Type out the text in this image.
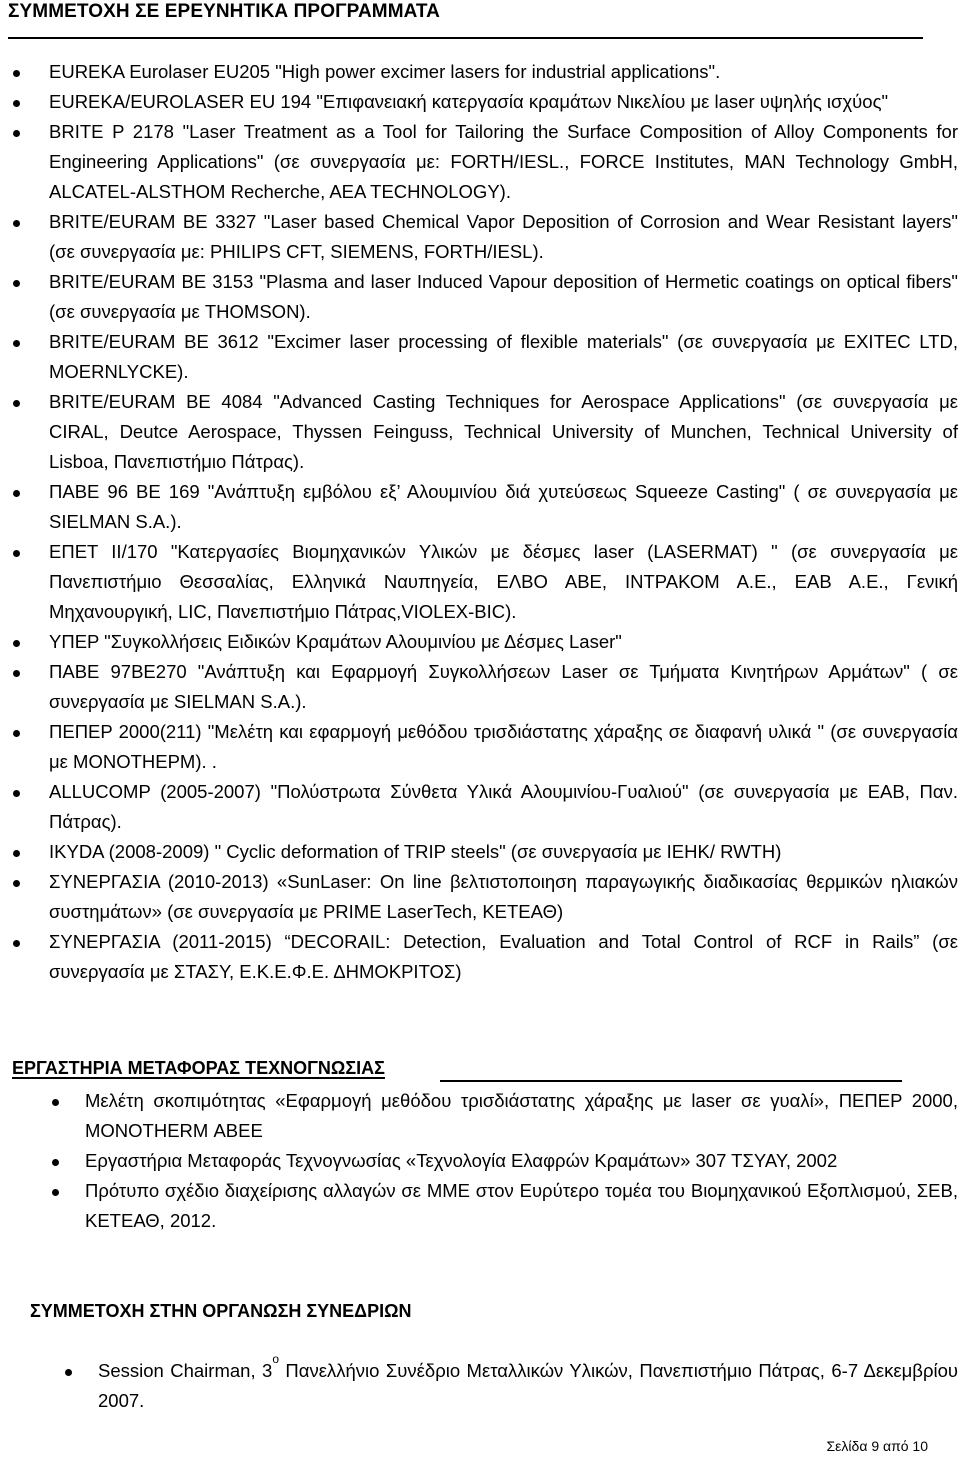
ΣΥΜΜΕΤΟΧΗ ΣΕ ΕΡΕΥΝΗΤΙΚΑ ΠΡΟΓΡΑΜΜΑΤΑ
EUREKA Eurolaser EU205 "High power excimer lasers for industrial applications".
EUREKA/EUROLASER EU 194 "Επιφανειακή κατεργασία κραμάτων Νικελίου με laser υψηλής ισχύος"
BRITE P 2178 "Laser Treatment as a Tool for Tailoring the Surface Composition of Alloy Components for Engineering Applications" (σε συνεργασία με: FORTH/IESL., FORCE Institutes, MAN Technology GmbH, ALCATEL-ALSTHOM Recherche, AEA TECHNOLOGY).
BRITE/EURAM BE 3327 "Laser based Chemical Vapor Deposition of Corrosion and Wear Resistant layers" (σε συνεργασία με: PHILIPS CFT, SIEMENS, FORTH/IESL).
BRITE/EURAM BE 3153 "Plasma and laser Induced Vapour deposition of Hermetic coatings on optical fibers" (σε συνεργασία με THOMSON).
BRITE/EURAM BE 3612 "Excimer laser processing of flexible materials" (σε συνεργασία με EXITEC LTD, MOERNLYCKE).
BRITE/EURAM BE 4084 "Advanced Casting Techniques for Aerospace Applications" (σε συνεργασία με CIRAL, Deutce Aerospace, Thyssen Feinguss, Technical University of Munchen, Technical University of Lisboa, Πανεπιστήμιο Πάτρας).
ΠΑΒΕ 96 ΒΕ 169 "Ανάπτυξη εμβόλου εξ’ Αλουμινίου διά χυτεύσεως Squeeze Casting" ( σε συνεργασία με SIELMAN S.A.).
ΕΠΕΤ ΙΙ/170 "Κατεργασίες Βιομηχανικών Υλικών με δέσμες laser (LASERMAT) " (σε συνεργασία με Πανεπιστήμιο Θεσσαλίας, Ελληνικά Ναυπηγεία, ΕΛΒΟ ΑΒΕ, ΙΝΤΡΑΚΟΜ Α.Ε., ΕΑΒ Α.Ε., Γενική Μηχανουργική, LIC, Πανεπιστήμιο Πάτρας,VIOLEX-BIC).
ΥΠΕΡ "Συγκολλήσεις Ειδικών Κραμάτων Αλουμινίου με Δέσμες Laser"
ΠΑΒΕ 97ΒΕ270 "Ανάπτυξη και Εφαρμογή Συγκολλήσεων Laser σε Τμήματα Κινητήρων Αρμάτων" ( σε συνεργασία με SIELMAN S.A.).
ΠΕΠΕΡ 2000(211) "Μελέτη και εφαρμογή μεθόδου τρισδιάστατης χάραξης σε διαφανή υλικά " (σε συνεργασία με ΜΟΝΟΤΗΕΡΜ). .
ALLUCOMP (2005-2007) "Πολύστρωτα Σύνθετα Υλικά Αλουμινίου-Γυαλιού" (σε συνεργασία με ΕΑΒ, Παν. Πάτρας).
IKYDA (2008-2009) " Cyclic deformation of TRIP steels" (σε συνεργασία με IEHK/ RWTH)
ΣΥΝΕΡΓΑΣΙΑ (2010-2013) «SunLaser: On line βελτιστοποιηση παραγωγικής διαδικασίας θερμικών ηλιακών συστημάτων» (σε συνεργασία με PRIME LaserTech, ΚΕΤΕΑΘ)
ΣΥΝΕΡΓΑΣΙΑ (2011-2015) “DECORAIL: Detection, Evaluation and Total Control of RCF in Rails” (σε συνεργασία με ΣΤΑΣΥ, Ε.Κ.Ε.Φ.Ε. ΔΗΜΟΚΡΙΤΟΣ)
ΕΡΓΑΣΤΗΡΙΑ ΜΕΤΑΦΟΡΑΣ ΤΕΧΝΟΓΝΩΣΙΑΣ
Μελέτη σκοπιμότητας «Εφαρμογή μεθόδου τρισδιάστατης χάραξης με laser σε γυαλί», ΠΕΠΕΡ 2000, ΜΟΝΟΤHERM ΑΒΕΕ
Εργαστήρια Μεταφοράς Τεχνογνωσίας «Τεχνολογία Ελαφρών Κραμάτων» 307 ΤΣΥΑΥ, 2002
Πρότυπο σχέδιο διαχείρισης αλλαγών σε ΜΜΕ στον Ευρύτερο τομέα του Βιομηχανικού Εξοπλισμού, ΣΕΒ, ΚΕΤΕΑΘ, 2012.
ΣΥΜΜΕΤΟΧΗ ΣΤΗΝ ΟΡΓΑΝΩΣΗ ΣΥΝΕΔΡΙΩΝ
Session Chairman, $3^o$ Πανελλήνιο Συνέδριο Μεταλλικών Υλικών, Πανεπιστήμιο Πάτρας, 6-7 Δεκεμβρίου 2007.
Σελίδα 9 από 10
